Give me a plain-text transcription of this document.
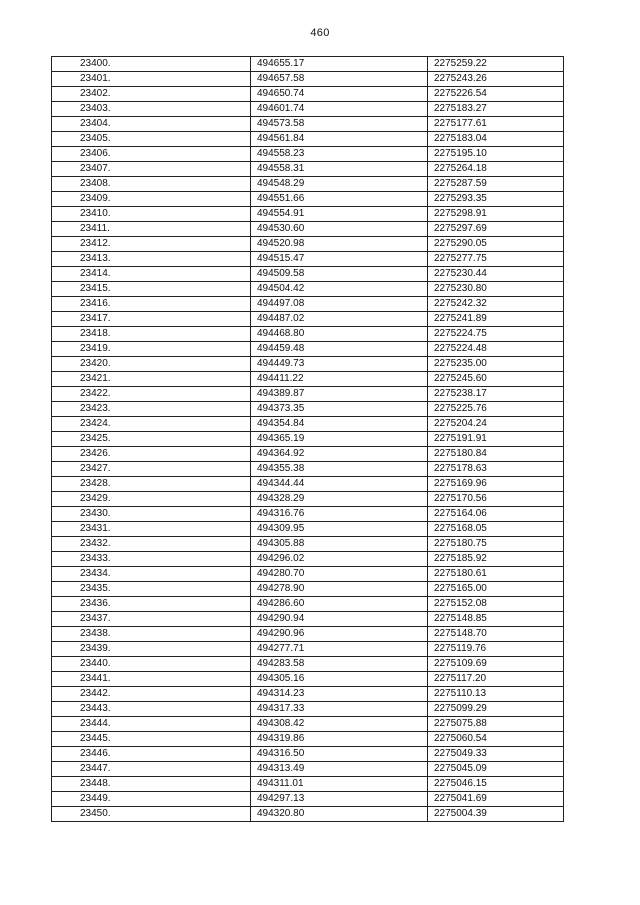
460
23400.	494655.17	2275259.22
23401.	494657.58	2275243.26
23402.	494650.74	2275226.54
23403.	494601.74	2275183.27
23404.	494573.58	2275177.61
23405.	494561.84	2275183.04
23406.	494558.23	2275195.10
23407.	494558.31	2275264.18
23408.	494548.29	2275287.59
23409.	494551.66	2275293.35
23410.	494554.91	2275298.91
23411.	494530.60	2275297.69
23412.	494520.98	2275290.05
23413.	494515.47	2275277.75
23414.	494509.58	2275230.44
23415.	494504.42	2275230.80
23416.	494497.08	2275242.32
23417.	494487.02	2275241.89
23418.	494468.80	2275224.75
23419.	494459.48	2275224.48
23420.	494449.73	2275235.00
23421.	494411.22	2275245.60
23422.	494389.87	2275238.17
23423.	494373.35	2275225.76
23424.	494354.84	2275204.24
23425.	494365.19	2275191.91
23426.	494364.92	2275180.84
23427.	494355.38	2275178.63
23428.	494344.44	2275169.96
23429.	494328.29	2275170.56
23430.	494316.76	2275164.06
23431.	494309.95	2275168.05
23432.	494305.88	2275180.75
23433.	494296.02	2275185.92
23434.	494280.70	2275180.61
23435.	494278.90	2275165.00
23436.	494286.60	2275152.08
23437.	494290.94	2275148.85
23438.	494290.96	2275148.70
23439.	494277.71	2275119.76
23440.	494283.58	2275109.69
23441.	494305.16	2275117.20
23442.	494314.23	2275110.13
23443.	494317.33	2275099.29
23444.	494308.42	2275075.88
23445.	494319.86	2275060.54
23446.	494316.50	2275049.33
23447.	494313.49	2275045.09
23448.	494311.01	2275046.15
23449.	494297.13	2275041.69
23450.	494320.80	2275004.39
